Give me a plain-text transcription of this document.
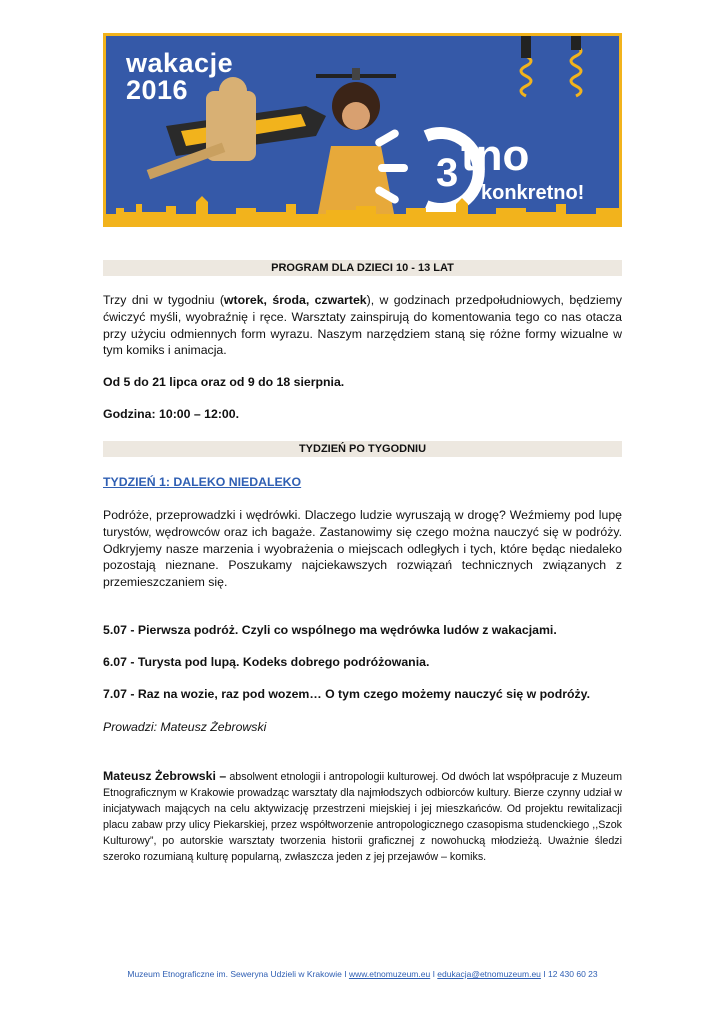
3
wakacje
2016
tno
konkretno!
PROGRAM DLA DZIECI 10 - 13 LAT
Trzy dni w tygodniu (wtorek, środa, czwartek), w godzinach przedpołudniowych, będziemy ćwiczyć myśli, wyobraźnię i ręce. Warsztaty zainspirują do komentowania tego co nas otacza przy użyciu odmiennych form wyrazu. Naszym narzędziem staną się różne formy wizualne w tym komiks i animacja.
Od 5 do 21 lipca oraz od 9 do 18 sierpnia.
Godzina: 10:00 – 12:00.
TYDZIEŃ PO TYGODNIU
TYDZIEŃ 1: DALEKO NIEDALEKO
Podróże, przeprowadzki i wędrówki. Dlaczego ludzie wyruszają w drogę? Weźmiemy pod lupę turystów, wędrowców oraz ich bagaże. Zastanowimy się czego można nauczyć się w podróży. Odkryjemy nasze marzenia i wyobrażenia o miejscach odległych i tych, które będąc niedaleko pozostają nieznane. Poszukamy najciekawszych rozwiązań technicznych związanych z przemieszczaniem się.
5.07 - Pierwsza podróż. Czyli co wspólnego ma wędrówka ludów z wakacjami.
6.07 - Turysta pod lupą. Kodeks dobrego podróżowania.
7.07 - Raz na wozie, raz pod wozem… O tym czego możemy nauczyć się w podróży.
Prowadzi: Mateusz Żebrowski
Mateusz Żebrowski – absolwent etnologii i antropologii kulturowej. Od dwóch lat współpracuje z Muzeum Etnograficznym w Krakowie prowadząc warsztaty dla najmłodszych odbiorców kultury. Bierze czynny udział w inicjatywach mających na celu aktywizację przestrzeni miejskiej i jej mieszkańców. Od projektu rewitalizacji placu zabaw przy ulicy Piekarskiej, przez współtworzenie antropologicznego czasopisma studenckiego ,,Szok Kulturowy”, po autorskie warsztaty tworzenia historii graficznej z nowohucką młodzieżą. Uważnie śledzi szeroko rozumianą kulturę popularną, zwłaszcza jeden z jej przejawów – komiks.
Muzeum Etnograficzne im. Seweryna Udzieli w Krakowie I www.etnomuzeum.eu I edukacja@etnomuzeum.eu I 12 430 60 23
